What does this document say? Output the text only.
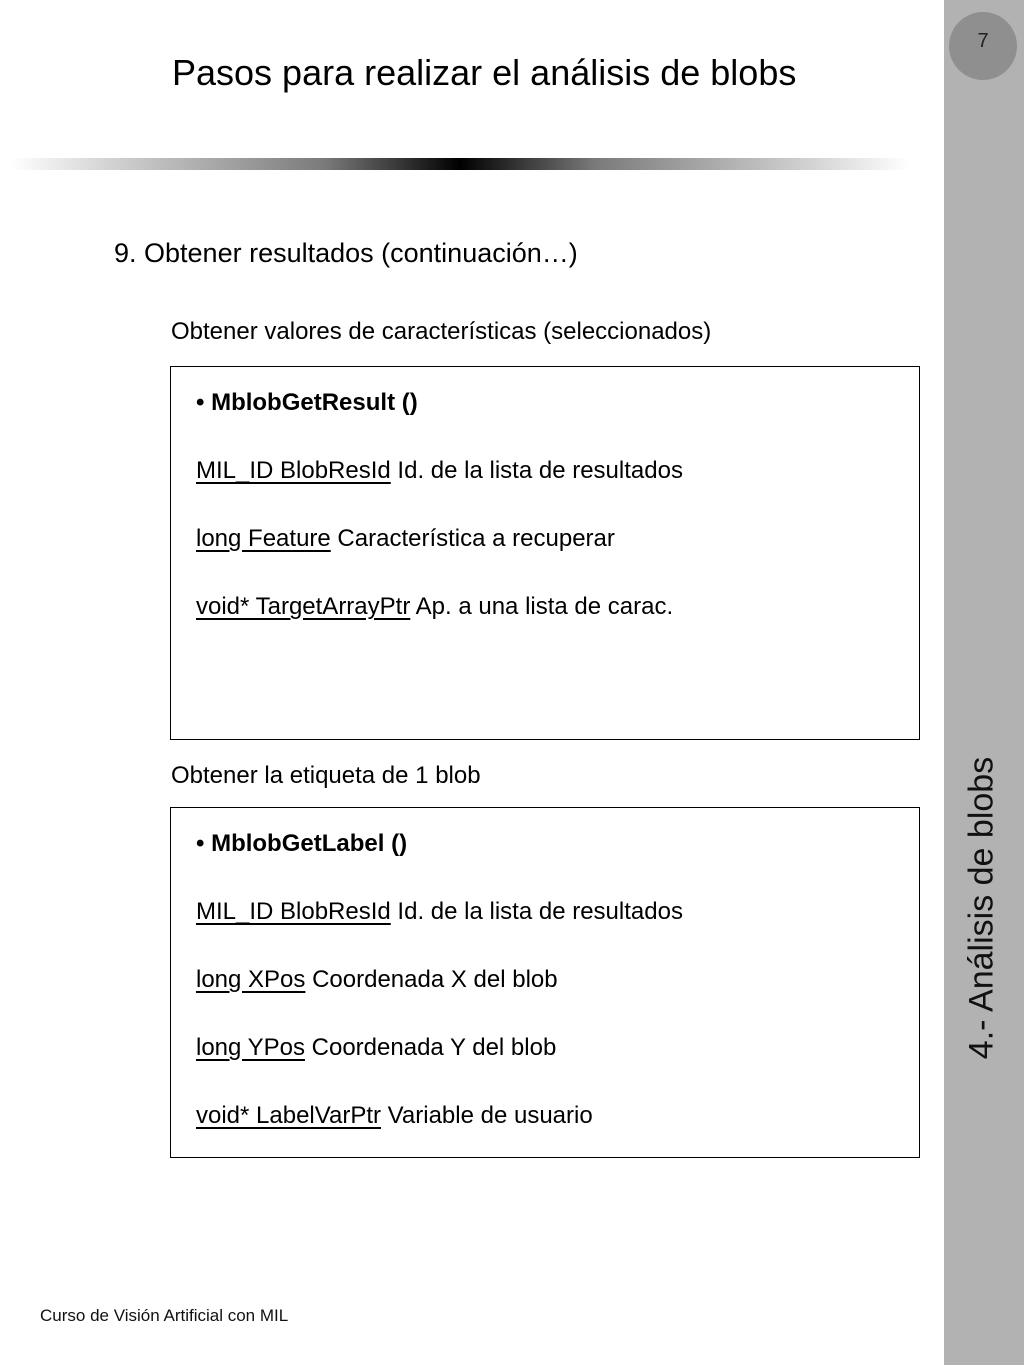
7
4.- Análisis de blobs
Pasos para realizar el análisis de blobs
9. Obtener resultados (continuación…)
Obtener valores de características (seleccionados)
• MblobGetResult ()
MIL_ID BlobResId Id. de la lista de resultados
long Feature Característica a recuperar
void* TargetArrayPtr Ap. a una lista de carac.
Obtener la etiqueta de 1 blob
• MblobGetLabel ()
MIL_ID BlobResId Id. de la lista de resultados
long XPos Coordenada X del blob
long YPos Coordenada Y del blob
void* LabelVarPtr Variable de usuario
Curso de Visión Artificial con MIL
